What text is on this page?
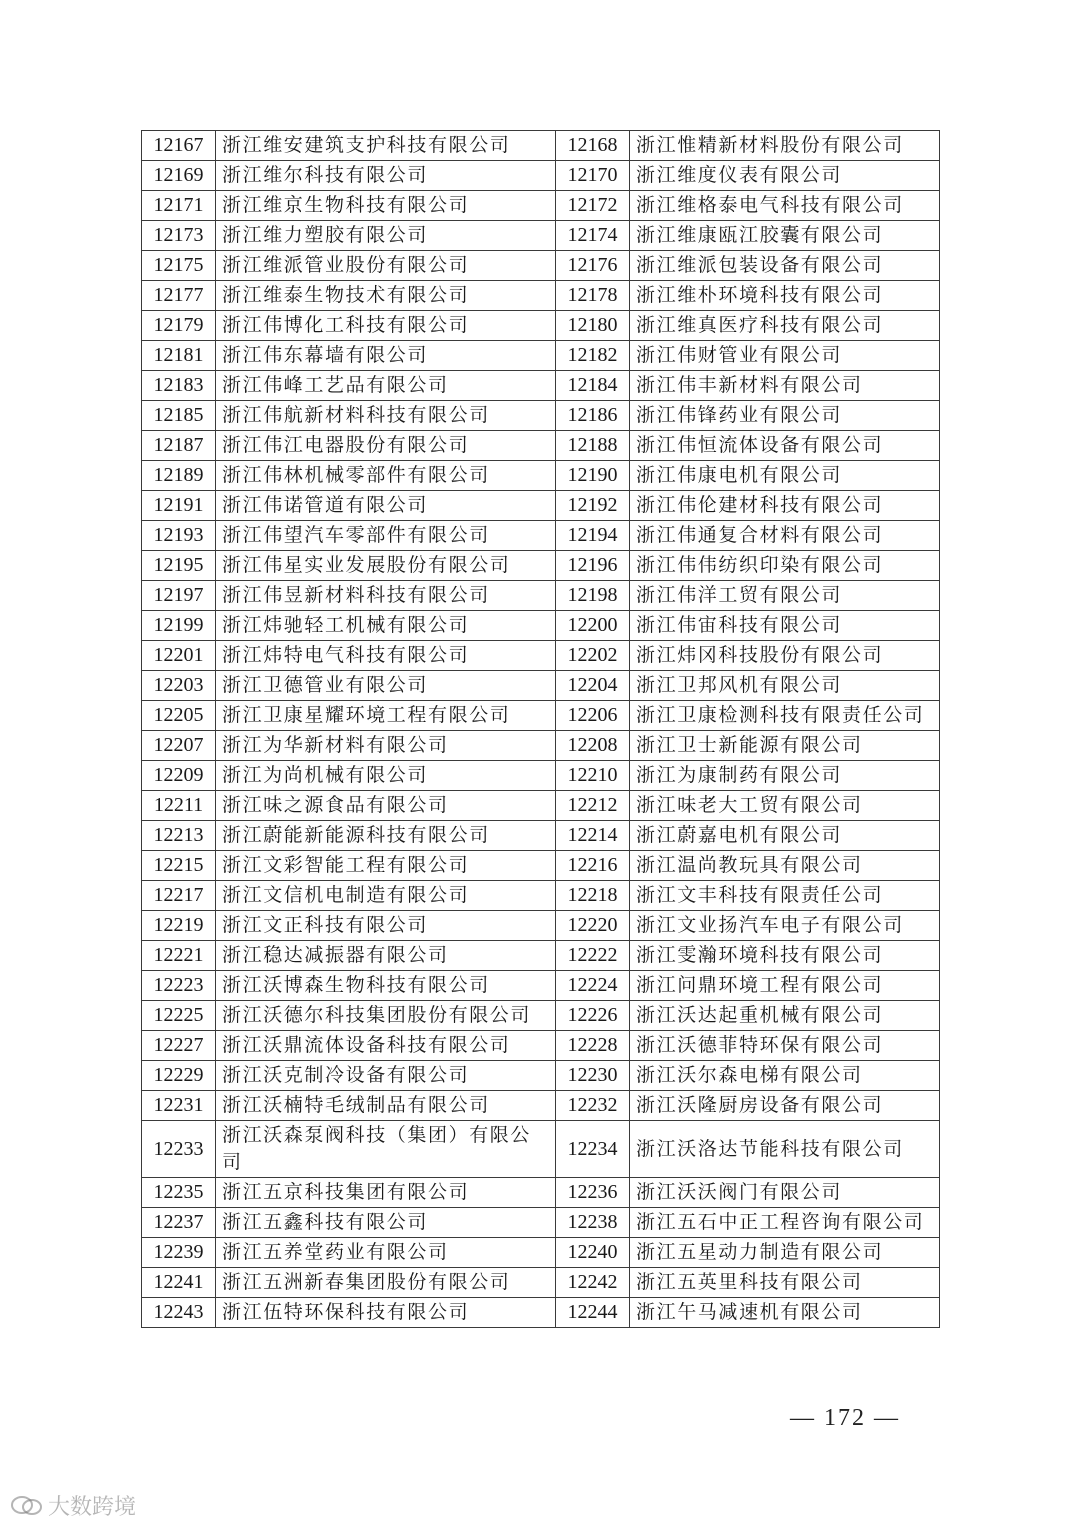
12167	浙江维安建筑支护科技有限公司	12168	浙江惟精新材料股份有限公司
12169	浙江维尔科技有限公司	12170	浙江维度仪表有限公司
12171	浙江维京生物科技有限公司	12172	浙江维格泰电气科技有限公司
12173	浙江维力塑胶有限公司	12174	浙江维康瓯江胶囊有限公司
12175	浙江维派管业股份有限公司	12176	浙江维派包装设备有限公司
12177	浙江维泰生物技术有限公司	12178	浙江维朴环境科技有限公司
12179	浙江伟博化工科技有限公司	12180	浙江维真医疗科技有限公司
12181	浙江伟东幕墙有限公司	12182	浙江伟财管业有限公司
12183	浙江伟峰工艺品有限公司	12184	浙江伟丰新材料有限公司
12185	浙江伟航新材料科技有限公司	12186	浙江伟锋药业有限公司
12187	浙江伟江电器股份有限公司	12188	浙江伟恒流体设备有限公司
12189	浙江伟林机械零部件有限公司	12190	浙江伟康电机有限公司
12191	浙江伟诺管道有限公司	12192	浙江伟伦建材科技有限公司
12193	浙江伟望汽车零部件有限公司	12194	浙江伟通复合材料有限公司
12195	浙江伟星实业发展股份有限公司	12196	浙江伟伟纺织印染有限公司
12197	浙江伟昱新材料科技有限公司	12198	浙江伟洋工贸有限公司
12199	浙江炜驰轻工机械有限公司	12200	浙江伟宙科技有限公司
12201	浙江炜特电气科技有限公司	12202	浙江炜冈科技股份有限公司
12203	浙江卫德管业有限公司	12204	浙江卫邦风机有限公司
12205	浙江卫康星耀环境工程有限公司	12206	浙江卫康检测科技有限责任公司
12207	浙江为华新材料有限公司	12208	浙江卫士新能源有限公司
12209	浙江为尚机械有限公司	12210	浙江为康制药有限公司
12211	浙江味之源食品有限公司	12212	浙江味老大工贸有限公司
12213	浙江蔚能新能源科技有限公司	12214	浙江蔚嘉电机有限公司
12215	浙江文彩智能工程有限公司	12216	浙江温尚教玩具有限公司
12217	浙江文信机电制造有限公司	12218	浙江文丰科技有限责任公司
12219	浙江文正科技有限公司	12220	浙江文业扬汽车电子有限公司
12221	浙江稳达减振器有限公司	12222	浙江雯瀚环境科技有限公司
12223	浙江沃博森生物科技有限公司	12224	浙江问鼎环境工程有限公司
12225	浙江沃德尔科技集团股份有限公司	12226	浙江沃达起重机械有限公司
12227	浙江沃鼎流体设备科技有限公司	12228	浙江沃德菲特环保有限公司
12229	浙江沃克制冷设备有限公司	12230	浙江沃尔森电梯有限公司
12231	浙江沃楠特毛绒制品有限公司	12232	浙江沃隆厨房设备有限公司
12233	浙江沃森泵阀科技（集团）有限公司	12234	浙江沃洛达节能科技有限公司
12235	浙江五京科技集团有限公司	12236	浙江沃沃阀门有限公司
12237	浙江五鑫科技有限公司	12238	浙江五石中正工程咨询有限公司
12239	浙江五养堂药业有限公司	12240	浙江五星动力制造有限公司
12241	浙江五洲新春集团股份有限公司	12242	浙江五英里科技有限公司
12243	浙江伍特环保科技有限公司	12244	浙江午马减速机有限公司
— 172 —
大数跨境
